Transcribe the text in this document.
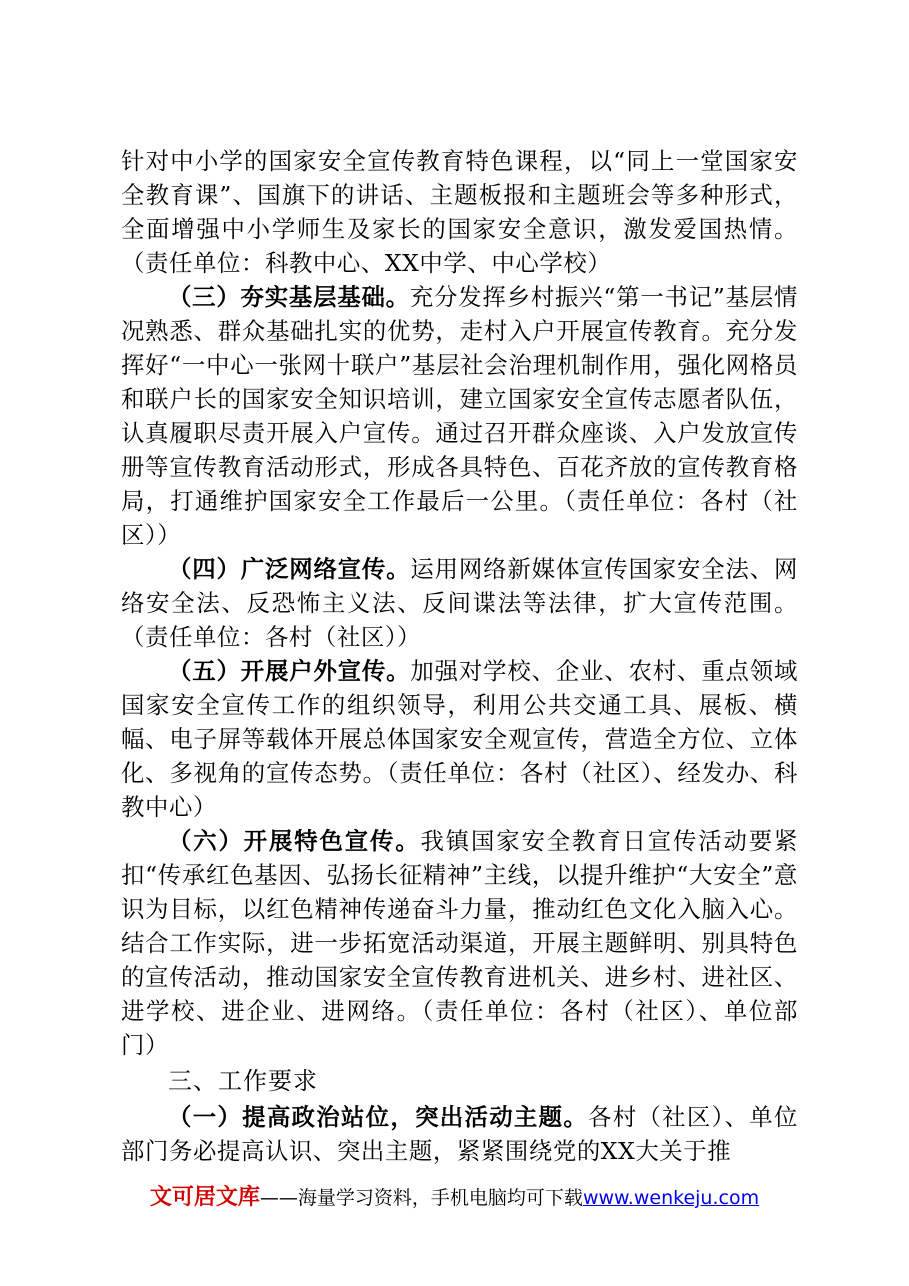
针对中小学的国家安全宣传教育特色课程，以“同上一堂国家安全教育课”、国旗下的讲话、主题板报和主题班会等多种形式，全面增强中小学师生及家长的国家安全意识，激发爱国热情。（责任单位：科教中心、XX中学、中心学校）

（三）夯实基层基础。充分发挥乡村振兴“第一书记”基层情况熟悉、群众基础扎实的优势，走村入户开展宣传教育。充分发挥好“一中心一张网十联户”基层社会治理机制作用，强化网格员和联户长的国家安全知识培训，建立国家安全宣传志愿者队伍，认真履职尽责开展入户宣传。通过召开群众座谈、入户发放宣传册等宣传教育活动形式，形成各具特色、百花齐放的宣传教育格局，打通维护国家安全工作最后一公里。（责任单位：各村（社区））

（四）广泛网络宣传。运用网络新媒体宣传国家安全法、网络安全法、反恐怖主义法、反间谍法等法律，扩大宣传范围。（责任单位：各村（社区））

（五）开展户外宣传。加强对学校、企业、农村、重点领域国家安全宣传工作的组织领导，利用公共交通工具、展板、横幅、电子屏等载体开展总体国家安全观宣传，营造全方位、立体化、多视角的宣传态势。（责任单位：各村（社区）、经发办、科教中心）

（六）开展特色宣传。我镇国家安全教育日宣传活动要紧扣“传承红色基因、弘扬长征精神”主线，以提升维护“大安全”意识为目标，以红色精神传递奋斗力量，推动红色文化入脑入心。结合工作实际，进一步拓宽活动渠道，开展主题鲜明、别具特色的宣传活动，推动国家安全宣传教育进机关、进乡村、进社区、进学校、进企业、进网络。（责任单位：各村（社区）、单位部门）

三、工作要求

（一）提高政治站位，突出活动主题。各村（社区）、单位部门务必提高认识、突出主题，紧紧围绕党的XX大关于推

文可居文库——海量学习资料，手机电脑均可下载www.wenkeju.com
